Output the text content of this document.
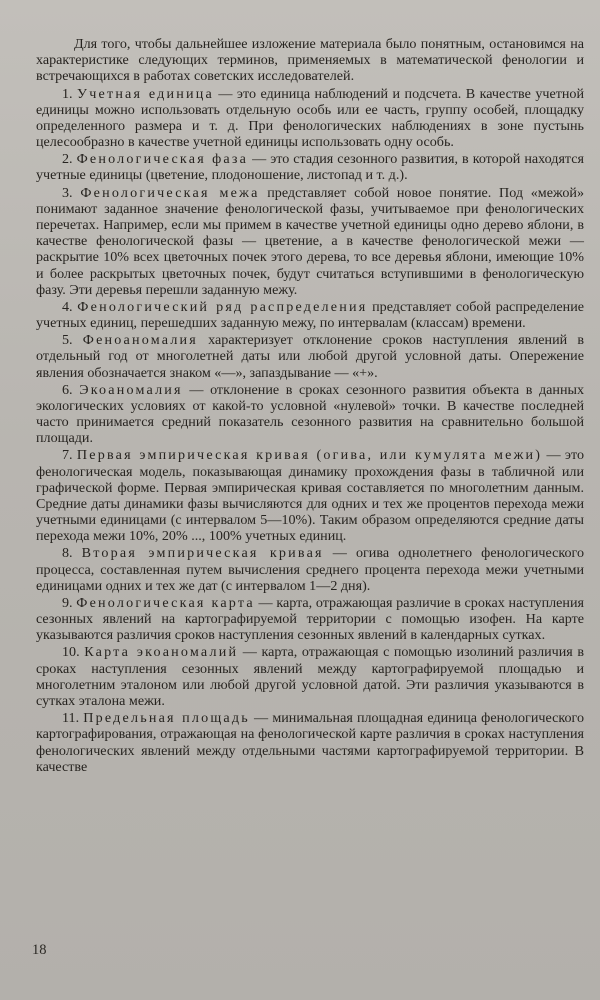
Для того, чтобы дальнейшее изложение материала было понятным, остановимся на характеристике следующих терминов, применяемых в математической фенологии и встречающихся в работах советских исследователей.

1. Учетная единица — это единица наблюдений и подсчета. В качестве учетной единицы можно использовать отдельную особь или ее часть, группу особей, площадку определенного размера и т. д. При фенологических наблюдениях в зоне пустынь целесообразно в качестве учетной единицы использовать одну особь.

2. Фенологическая фаза — это стадия сезонного развития, в которой находятся учетные единицы (цветение, плодоношение, листопад и т. д.).

3. Фенологическая межа представляет собой новое понятие. Под «межой» понимают заданное значение фенологической фазы, учитываемое при фенологических перечетах. Например, если мы примем в качестве учетной единицы одно дерево яблони, в качестве фенологической фазы — цветение, а в качестве фенологической межи — раскрытие 10% всех цветочных почек этого дерева, то все деревья яблони, имеющие 10% и более раскрытых цветочных почек, будут считаться вступившими в фенологическую фазу. Эти деревья перешли заданную межу.

4. Фенологический ряд распределения представляет собой распределение учетных единиц, перешедших заданную межу, по интервалам (классам) времени.

5. Феноаномалия характеризует отклонение сроков наступления явлений в отдельный год от многолетней даты или любой другой условной даты. Опережение явления обозначается знаком «—», запаздывание — «+».

6. Экоаномалия — отклонение в сроках сезонного развития объекта в данных экологических условиях от какой-то условной «нулевой» точки. В качестве последней часто принимается средний показатель сезонного развития на сравнительно большой площади.

7. Первая эмпирическая кривая (огива, или кумулята межи) — это фенологическая модель, показывающая динамику прохождения фазы в табличной или графической форме. Первая эмпирическая кривая составляется по многолетним данным. Средние даты динамики фазы вычисляются для одних и тех же процентов перехода межи учетными единицами (с интервалом 5—10%). Таким образом определяются средние даты перехода межи 10%, 20% ..., 100% учетных единиц.

8. Вторая эмпирическая кривая — огива однолетнего фенологического процесса, составленная путем вычисления среднего процента перехода межи учетными единицами одних и тех же дат (с интервалом 1—2 дня).

9. Фенологическая карта — карта, отражающая различие в сроках наступления сезонных явлений на картографируемой территории с помощью изофен. На карте указываются различия сроков наступления сезонных явлений в календарных сутках.

10. Карта экоаномалий — карта, отражающая с помощью изолиний различия в сроках наступления сезонных явлений между картографируемой площадью и многолетним эталоном или любой другой условной датой. Эти различия указываются в сутках эталона межи.

11. Предельная площадь — минимальная площадная единица фенологического картографирования, отражающая на фенологической карте различия в сроках наступления фенологических явлений между отдельными частями картографируемой территории. В качестве

18
